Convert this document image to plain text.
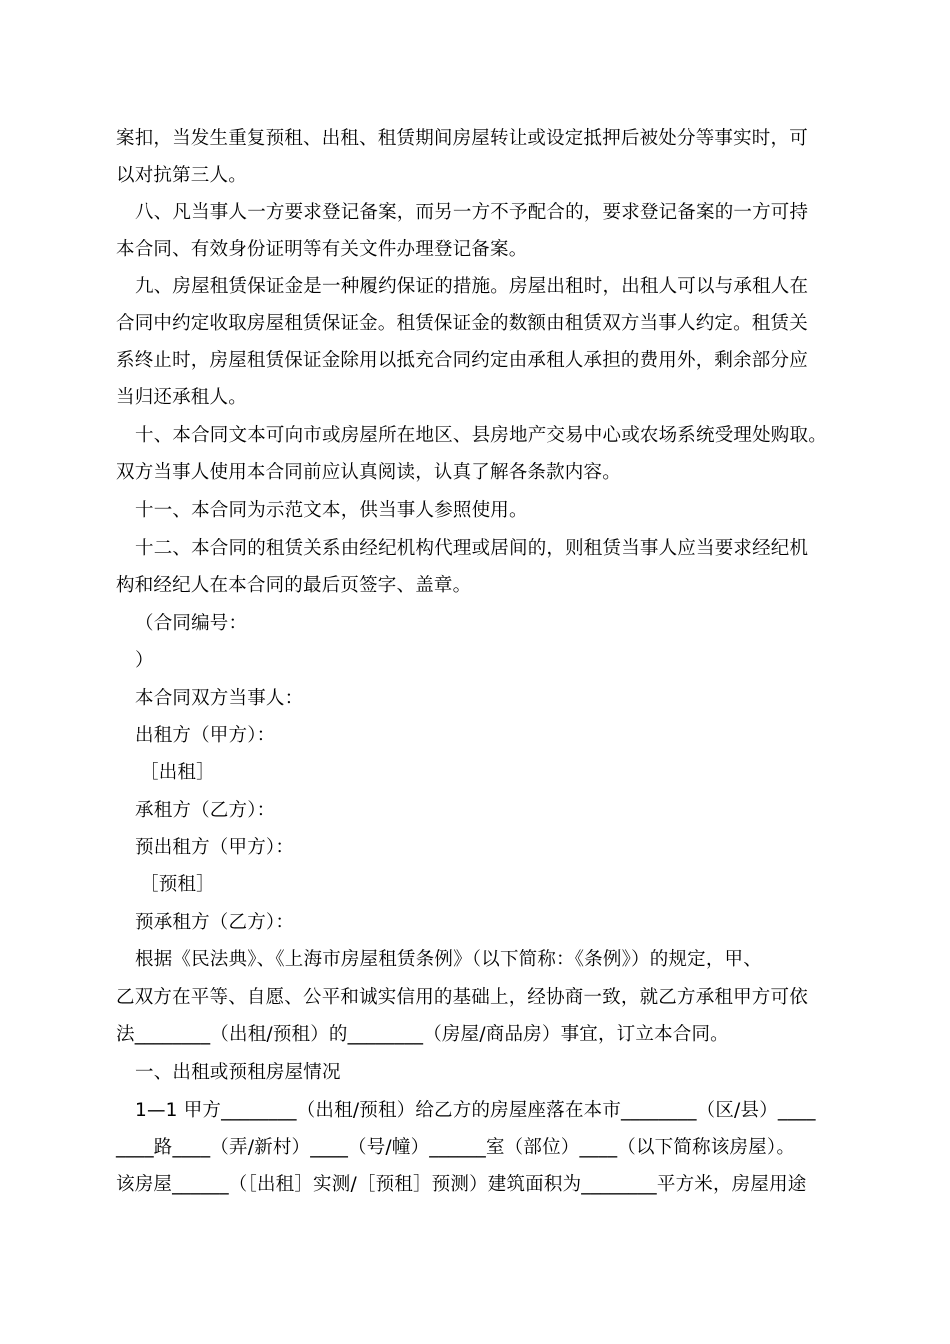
案扣，当发生重复预租、出租、租赁期间房屋转让或设定抵押后被处分等事实时，可
以对抗第三人。
八、凡当事人一方要求登记备案，而另一方不予配合的，要求登记备案的一方可持
本合同、有效身份证明等有关文件办理登记备案。
九、房屋租赁保证金是一种履约保证的措施。房屋出租时，出租人可以与承租人在
合同中约定收取房屋租赁保证金。租赁保证金的数额由租赁双方当事人约定。租赁关
系终止时，房屋租赁保证金除用以抵充合同约定由承租人承担的费用外，剩余部分应
当归还承租人。
十、本合同文本可向市或房屋所在地区、县房地产交易中心或农场系统受理处购取。
双方当事人使用本合同前应认真阅读，认真了解各条款内容。
十一、本合同为示范文本，供当事人参照使用。
十二、本合同的租赁关系由经纪机构代理或居间的，则租赁当事人应当要求经纪机
构和经纪人在本合同的最后页签字、盖章。
（合同编号：
）
本合同双方当事人：
出租方（甲方）：
［出租］
承租方（乙方）：
预出租方（甲方）：
［预租］
预承租方（乙方）：
根据《民法典》、《上海市房屋租赁条例》（以下简称：《条例》）的规定，甲、
乙双方在平等、自愿、公平和诚实信用的基础上，经协商一致，就乙方承租甲方可依
法________（出租/预租）的________（房屋/商品房）事宜，订立本合同。
一、出租或预租房屋情况
1—1 甲方________（出租/预租）给乙方的房屋座落在本市________（区/县）____
____路____（弄/新村）____（号/幢）______室（部位）____（以下简称该房屋）。
该房屋______（［出租］实测/［预租］预测）建筑面积为________平方米，房屋用途
